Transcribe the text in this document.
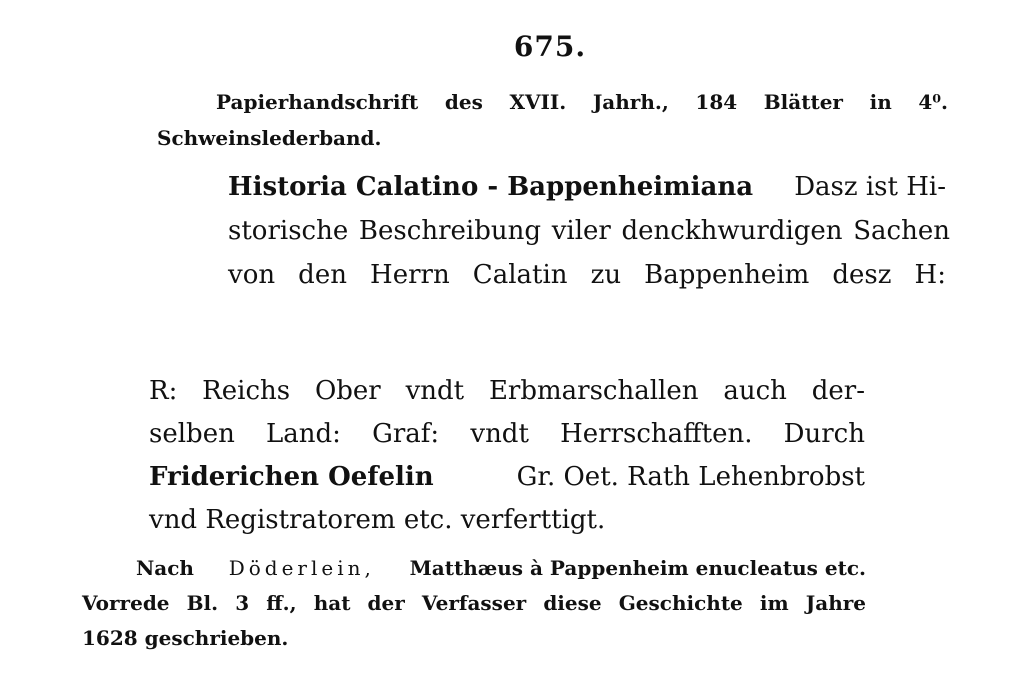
675.
Papierhandschrift des XVII. Jahrh., 184 Blätter in 4⁰.
Schweinslederband.
Historia Calatino - Bappenheimiana Dasz ist Hi-
storische Beschreibung viler denckhwurdigen Sachen
von den Herrn Calatin zu Bappenheim desz H:
R: Reichs Ober vndt Erbmarschallen auch der-
selben Land: Graf: vndt Herrschafften. Durch
Friderichen Oefelin	Gr. Oet. Rath Lehenbrobst
vnd Registratorem etc. verferttigt.
Nach Döderlein, Matthæus à Pappenheim enucleatus etc.
Vorrede Bl. 3 ff., hat der Verfasser diese Geschichte im Jahre
1628 geschrieben.
